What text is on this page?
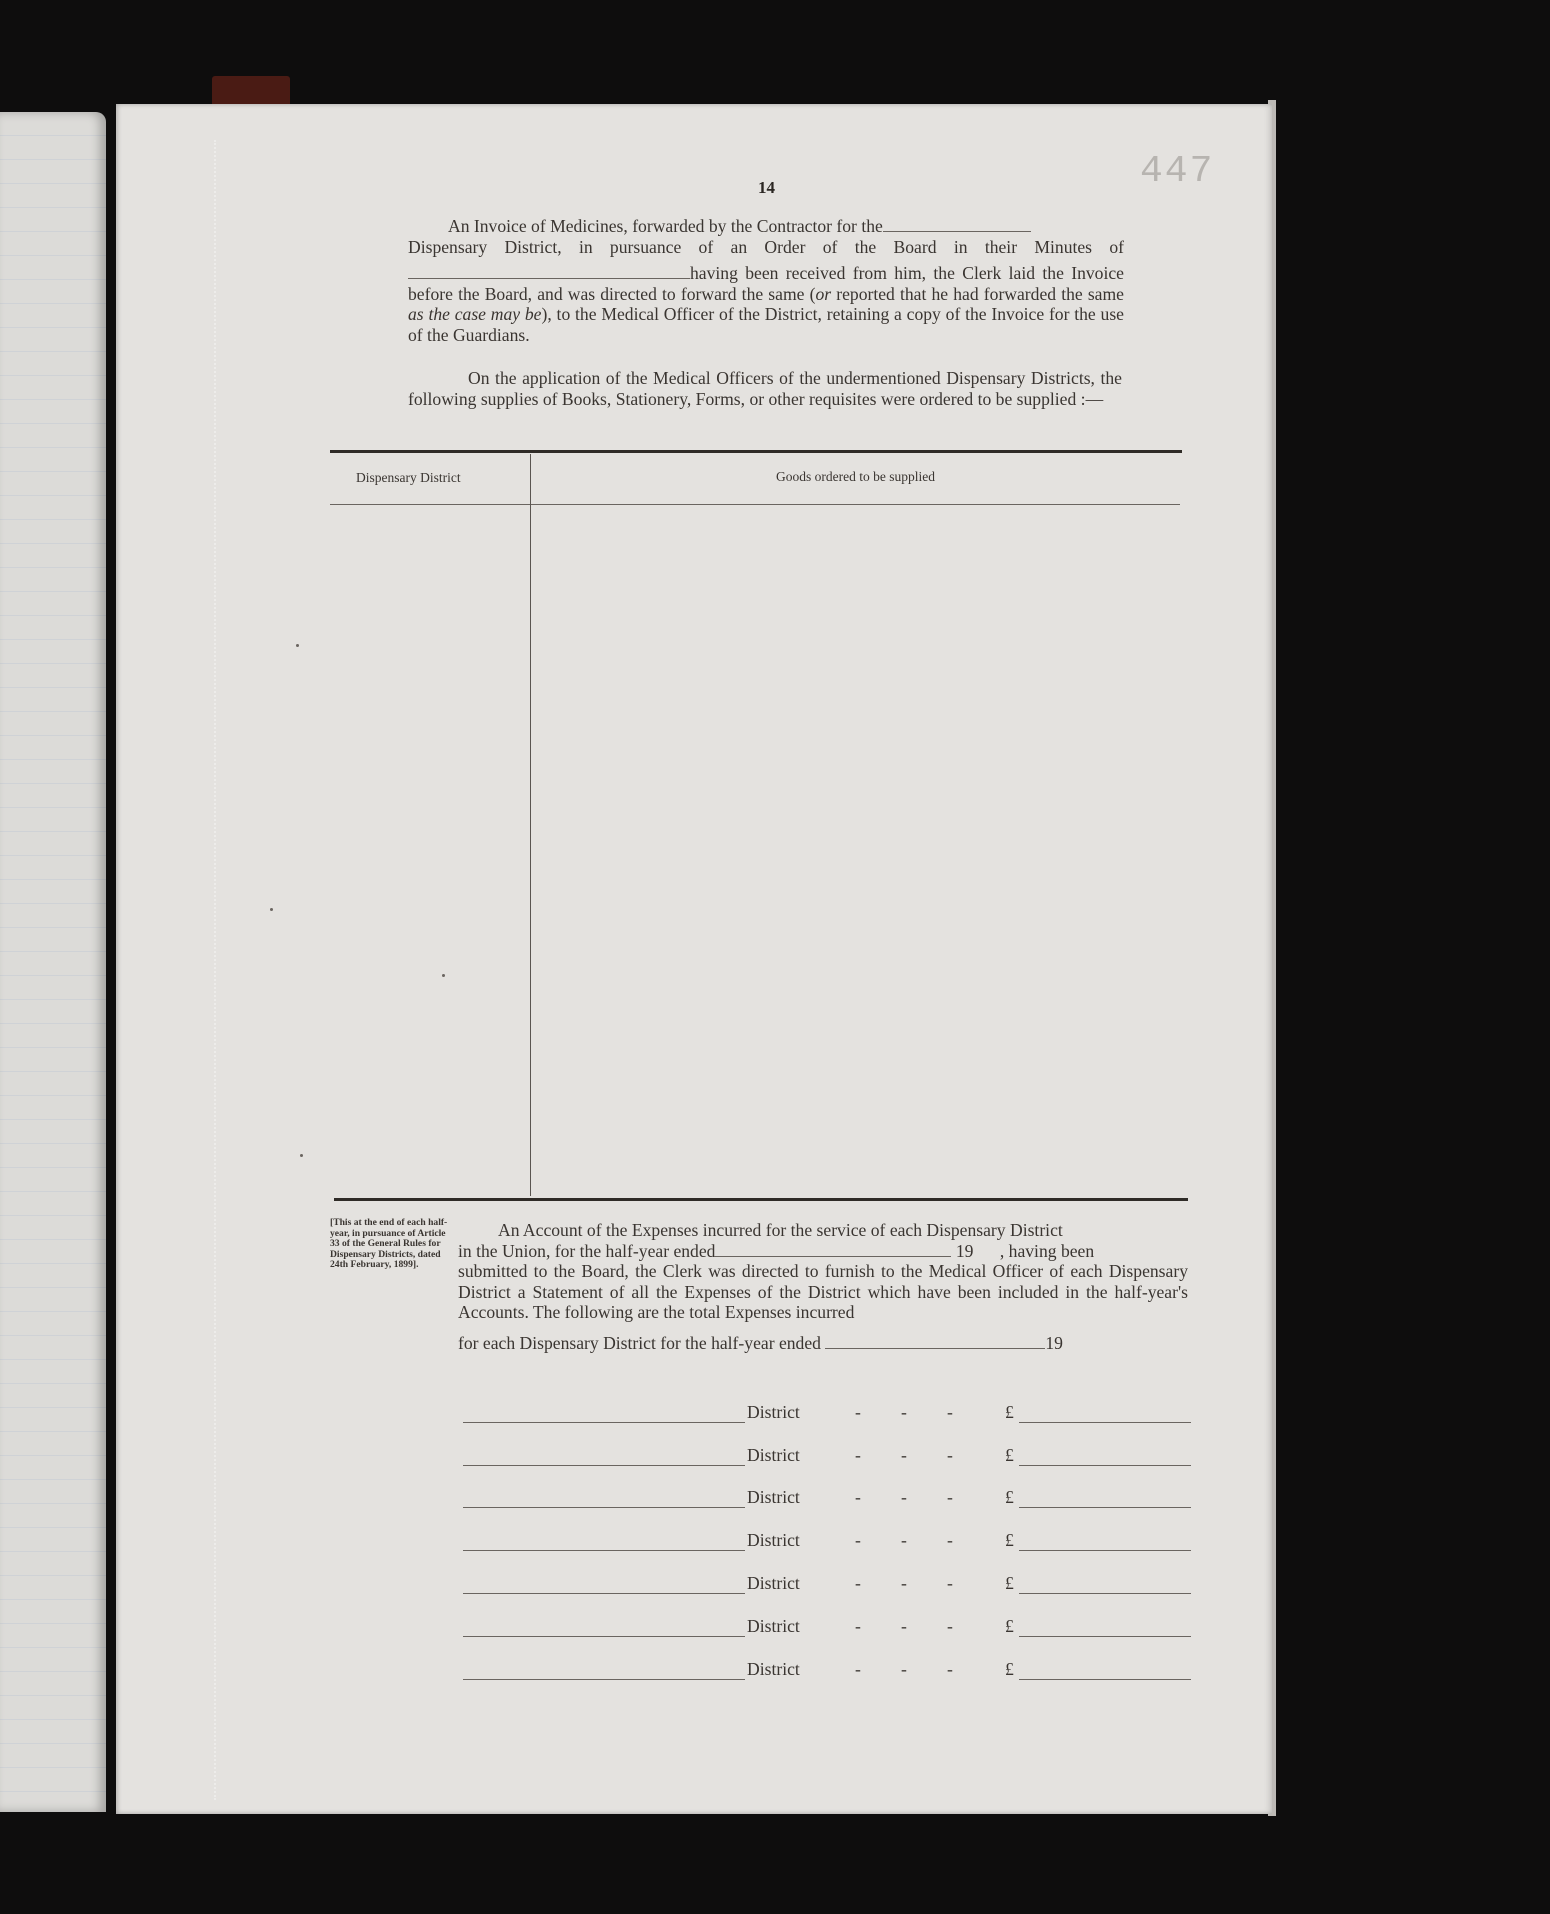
14	447
An Invoice of Medicines, forwarded by the Contractor for the
Dispensary District, in pursuance of an Order of the Board in their Minutes of
having been received from him, the Clerk laid the Invoice before the Board, and was directed to forward the same (or reported that he had forwarded the same as the case may be), to the Medical Officer of the District, retaining a copy of the Invoice for the use of the Guardians.
On the application of the Medical Officers of the undermentioned Dispensary Districts, the following supplies of Books, Stationery, Forms, or other requisites were ordered to be supplied :—
Dispensary District	Goods ordered to be supplied
[This at the end of each half-year, in pursuance of Article 33 of the General Rules for Dispensary Districts, dated 24th February, 1899].
An Account of the Expenses incurred for the service of each Dispensary District
in the Union, for the half-year ended	19 , having been
submitted to the Board, the Clerk was directed to furnish to the Medical Officer of each Dispensary District a Statement of all the Expenses of the District which have been included in the half-year's Accounts. The following are the total Expenses incurred
for each Dispensary District for the half-year ended	19
District	- - -	£
District	- - -	£
District	- - -	£
District	- - -	£
District	- - -	£
District	- - -	£
District	- - -	£
